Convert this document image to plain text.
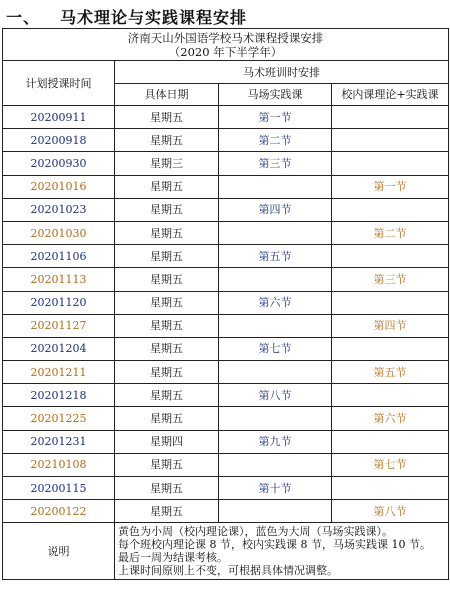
一、 马术理论与实践课程安排
济南天山外国语学校马术课程授课安排
（2020 年下半学年）			

计划授课时间	马术班训时安排		
	具体日期	马场实践课	校内课理论+实践课
20200911	星期五	第一节	
20200918	星期五	第二节	
20200930	星期三	第三节	
20201016	星期五		第一节
20201023	星期五	第四节	
20201030	星期五		第二节
20201106	星期五	第五节	
20201113	星期五		第三节
20201120	星期五	第六节	
20201127	星期五		第四节
20201204	星期五	第七节	
20201211	星期五		第五节
20201218	星期五	第八节	
20201225	星期五		第六节
20201231	星期四	第九节	
20210108	星期五		第七节
20200115	星期五	第十节	
20200122	星期五		第八节
说明	黄色为小周（校内理论课），蓝色为大周（马场实践课）。
每个班校内理论课 8 节，校内实践课 8 节，马场实践课 10 节。
最后一周为结课考核。
上课时间原则上不变，可根据具体情况调整。		
